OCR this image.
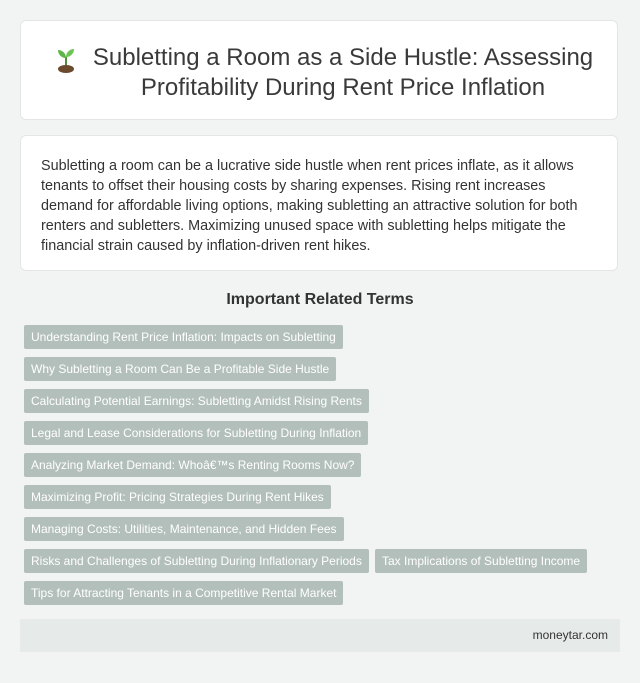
Subletting a Room as a Side Hustle: Assessing Profitability During Rent Price Inflation

Subletting a room can be a lucrative side hustle when rent prices inflate, as it allows tenants to offset their housing costs by sharing expenses. Rising rent increases demand for affordable living options, making subletting an attractive solution for both renters and subletters. Maximizing unused space with subletting helps mitigate the financial strain caused by inflation-driven rent hikes.

Important Related Terms
Understanding Rent Price Inflation: Impacts on Subletting
Why Subletting a Room Can Be a Profitable Side Hustle
Calculating Potential Earnings: Subletting Amidst Rising Rents
Legal and Lease Considerations for Subletting During Inflation
Analyzing Market Demand: Whoâ€™s Renting Rooms Now?
Maximizing Profit: Pricing Strategies During Rent Hikes
Managing Costs: Utilities, Maintenance, and Hidden Fees
Risks and Challenges of Subletting During Inflationary Periods	Tax Implications of Subletting Income
Tips for Attracting Tenants in a Competitive Rental Market
moneytar.com
